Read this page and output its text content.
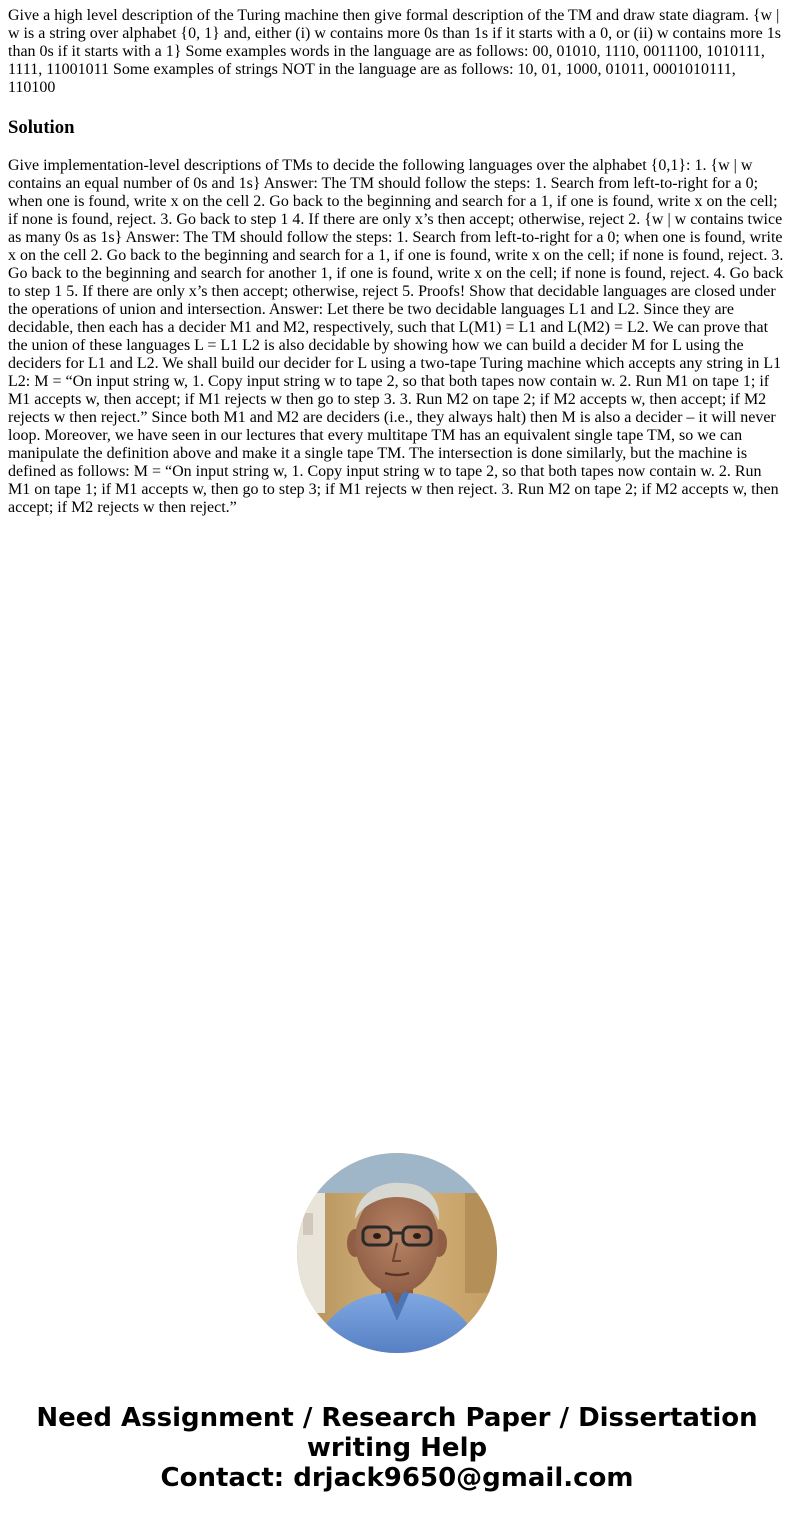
Give a high level description of the Turing machine then give formal description of the TM and draw state diagram. {w | w is a string over alphabet {0, 1} and, either (i) w contains more 0s than 1s if it starts with a 0, or (ii) w contains more 1s than 0s if it starts with a 1} Some examples words in the language are as follows: 00, 01010, 1110, 0011100, 1010111, 1111, 11001011 Some examples of strings NOT in the language are as follows: 10, 01, 1000, 01011, 0001010111, 110100

Solution

Give implementation-level descriptions of TMs to decide the following languages over the alphabet {0,1}: 1. {w | w contains an equal number of 0s and 1s} Answer: The TM should follow the steps: 1. Search from left-to-right for a 0; when one is found, write x on the cell 2. Go back to the beginning and search for a 1, if one is found, write x on the cell; if none is found, reject. 3. Go back to step 1 4. If there are only x’s then accept; otherwise, reject 2. {w | w contains twice as many 0s as 1s} Answer: The TM should follow the steps: 1. Search from left-to-right for a 0; when one is found, write x on the cell 2. Go back to the beginning and search for a 1, if one is found, write x on the cell; if none is found, reject. 3. Go back to the beginning and search for another 1, if one is found, write x on the cell; if none is found, reject. 4. Go back to step 1 5. If there are only x’s then accept; otherwise, reject 5. Proofs! Show that decidable languages are closed under the operations of union and intersection. Answer: Let there be two decidable languages L1 and L2. Since they are decidable, then each has a decider M1 and M2, respectively, such that L(M1) = L1 and L(M2) = L2. We can prove that the union of these languages L = L1 L2 is also decidable by showing how we can build a decider M for L using the deciders for L1 and L2. We shall build our decider for L using a two-tape Turing machine which accepts any string in L1 L2: M = “On input string w, 1. Copy input string w to tape 2, so that both tapes now contain w. 2. Run M1 on tape 1; if M1 accepts w, then accept; if M1 rejects w then go to step 3. 3. Run M2 on tape 2; if M2 accepts w, then accept; if M2 rejects w then reject.” Since both M1 and M2 are deciders (i.e., they always halt) then M is also a decider – it will never loop. Moreover, we have seen in our lectures that every multitape TM has an equivalent single tape TM, so we can manipulate the definition above and make it a single tape TM. The intersection is done similarly, but the machine is defined as follows: M = “On input string w, 1. Copy input string w to tape 2, so that both tapes now contain w. 2. Run M1 on tape 1; if M1 accepts w, then go to step 3; if M1 rejects w then reject. 3. Run M2 on tape 2; if M2 accepts w, then accept; if M2 rejects w then reject.”

Need Assignment / Research Paper / Dissertation
writing Help
Contact: drjack9650@gmail.com
